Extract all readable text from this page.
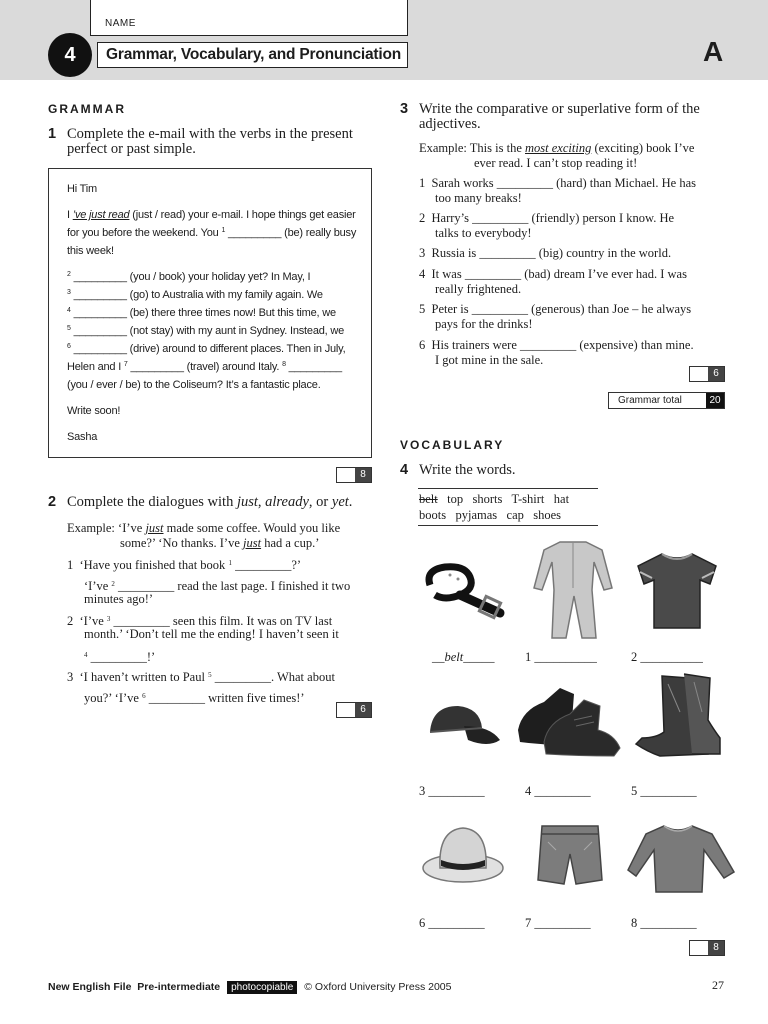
NAME
4	Grammar, Vocabulary, and Pronunciation	A
GRAMMAR
1 Complete the e-mail with the verbs in the present
perfect or past simple.
Hi Tim
I ’ve just read (just / read) your e-mail. I hope things get easier
for you before the weekend. You $^1$ _________ (be) really busy
this week!
$^2$ _________ (you / book) your holiday yet? In May, I
$^3$ _________ (go) to Australia with my family again. We
$^4$ _________ (be) there three times now! But this time, we
$^5$ _________ (not stay) with my aunt in Sydney. Instead, we
$^6$ _________ (drive) around to different places. Then in July,
Helen and I $^7$ _________ (travel) around Italy. $^8$ _________
(you / ever / be) to the Coliseum? It’s a fantastic place.
Write soon!
Sasha
8
2 Complete the dialogues with just, already, or yet.
Example: ‘I’ve just made some coffee. Would you like
some?’ ‘No thanks. I’ve just had a cup.’
1 ‘Have you finished that book $^1$ _________?’
‘I’ve $^2$ _________ read the last page. I finished it two
minutes ago!’
2 ‘I’ve $^3$ _________ seen this film. It was on TV last
month.’ ‘Don’t tell me the ending! I haven’t seen it
$^4$ _________!’
3 ‘I haven’t written to Paul $^5$ _________. What about
you?’ ‘I’ve $^6$ _________ written five times!’
6
3 Write the comparative or superlative form of the
adjectives.
Example: This is the most exciting (exciting) book I’ve
ever read. I can’t stop reading it!
1 Sarah works _________ (hard) than Michael. He has
too many breaks!
2 Harry’s _________ (friendly) person I know. He
talks to everybody!
3 Russia is _________ (big) country in the world.
4 It was _________ (bad) dream I’ve ever had. I was
really frightened.
5 Peter is _________ (generous) than Joe – he always
pays for the drinks!
6 His trainers were _________ (expensive) than mine.
I got mine in the sale.
6
Grammar total	20
VOCABULARY
4 Write the words.
belt top shorts T-shirt hat
boots pyjamas cap shoes
__belt_____ 1 __________	2 __________
3 _________	4 _________	5 _________
6 _________	7 _________	8 _________
8
New English File Pre-intermediate photocopiable © Oxford University Press 2005	27
